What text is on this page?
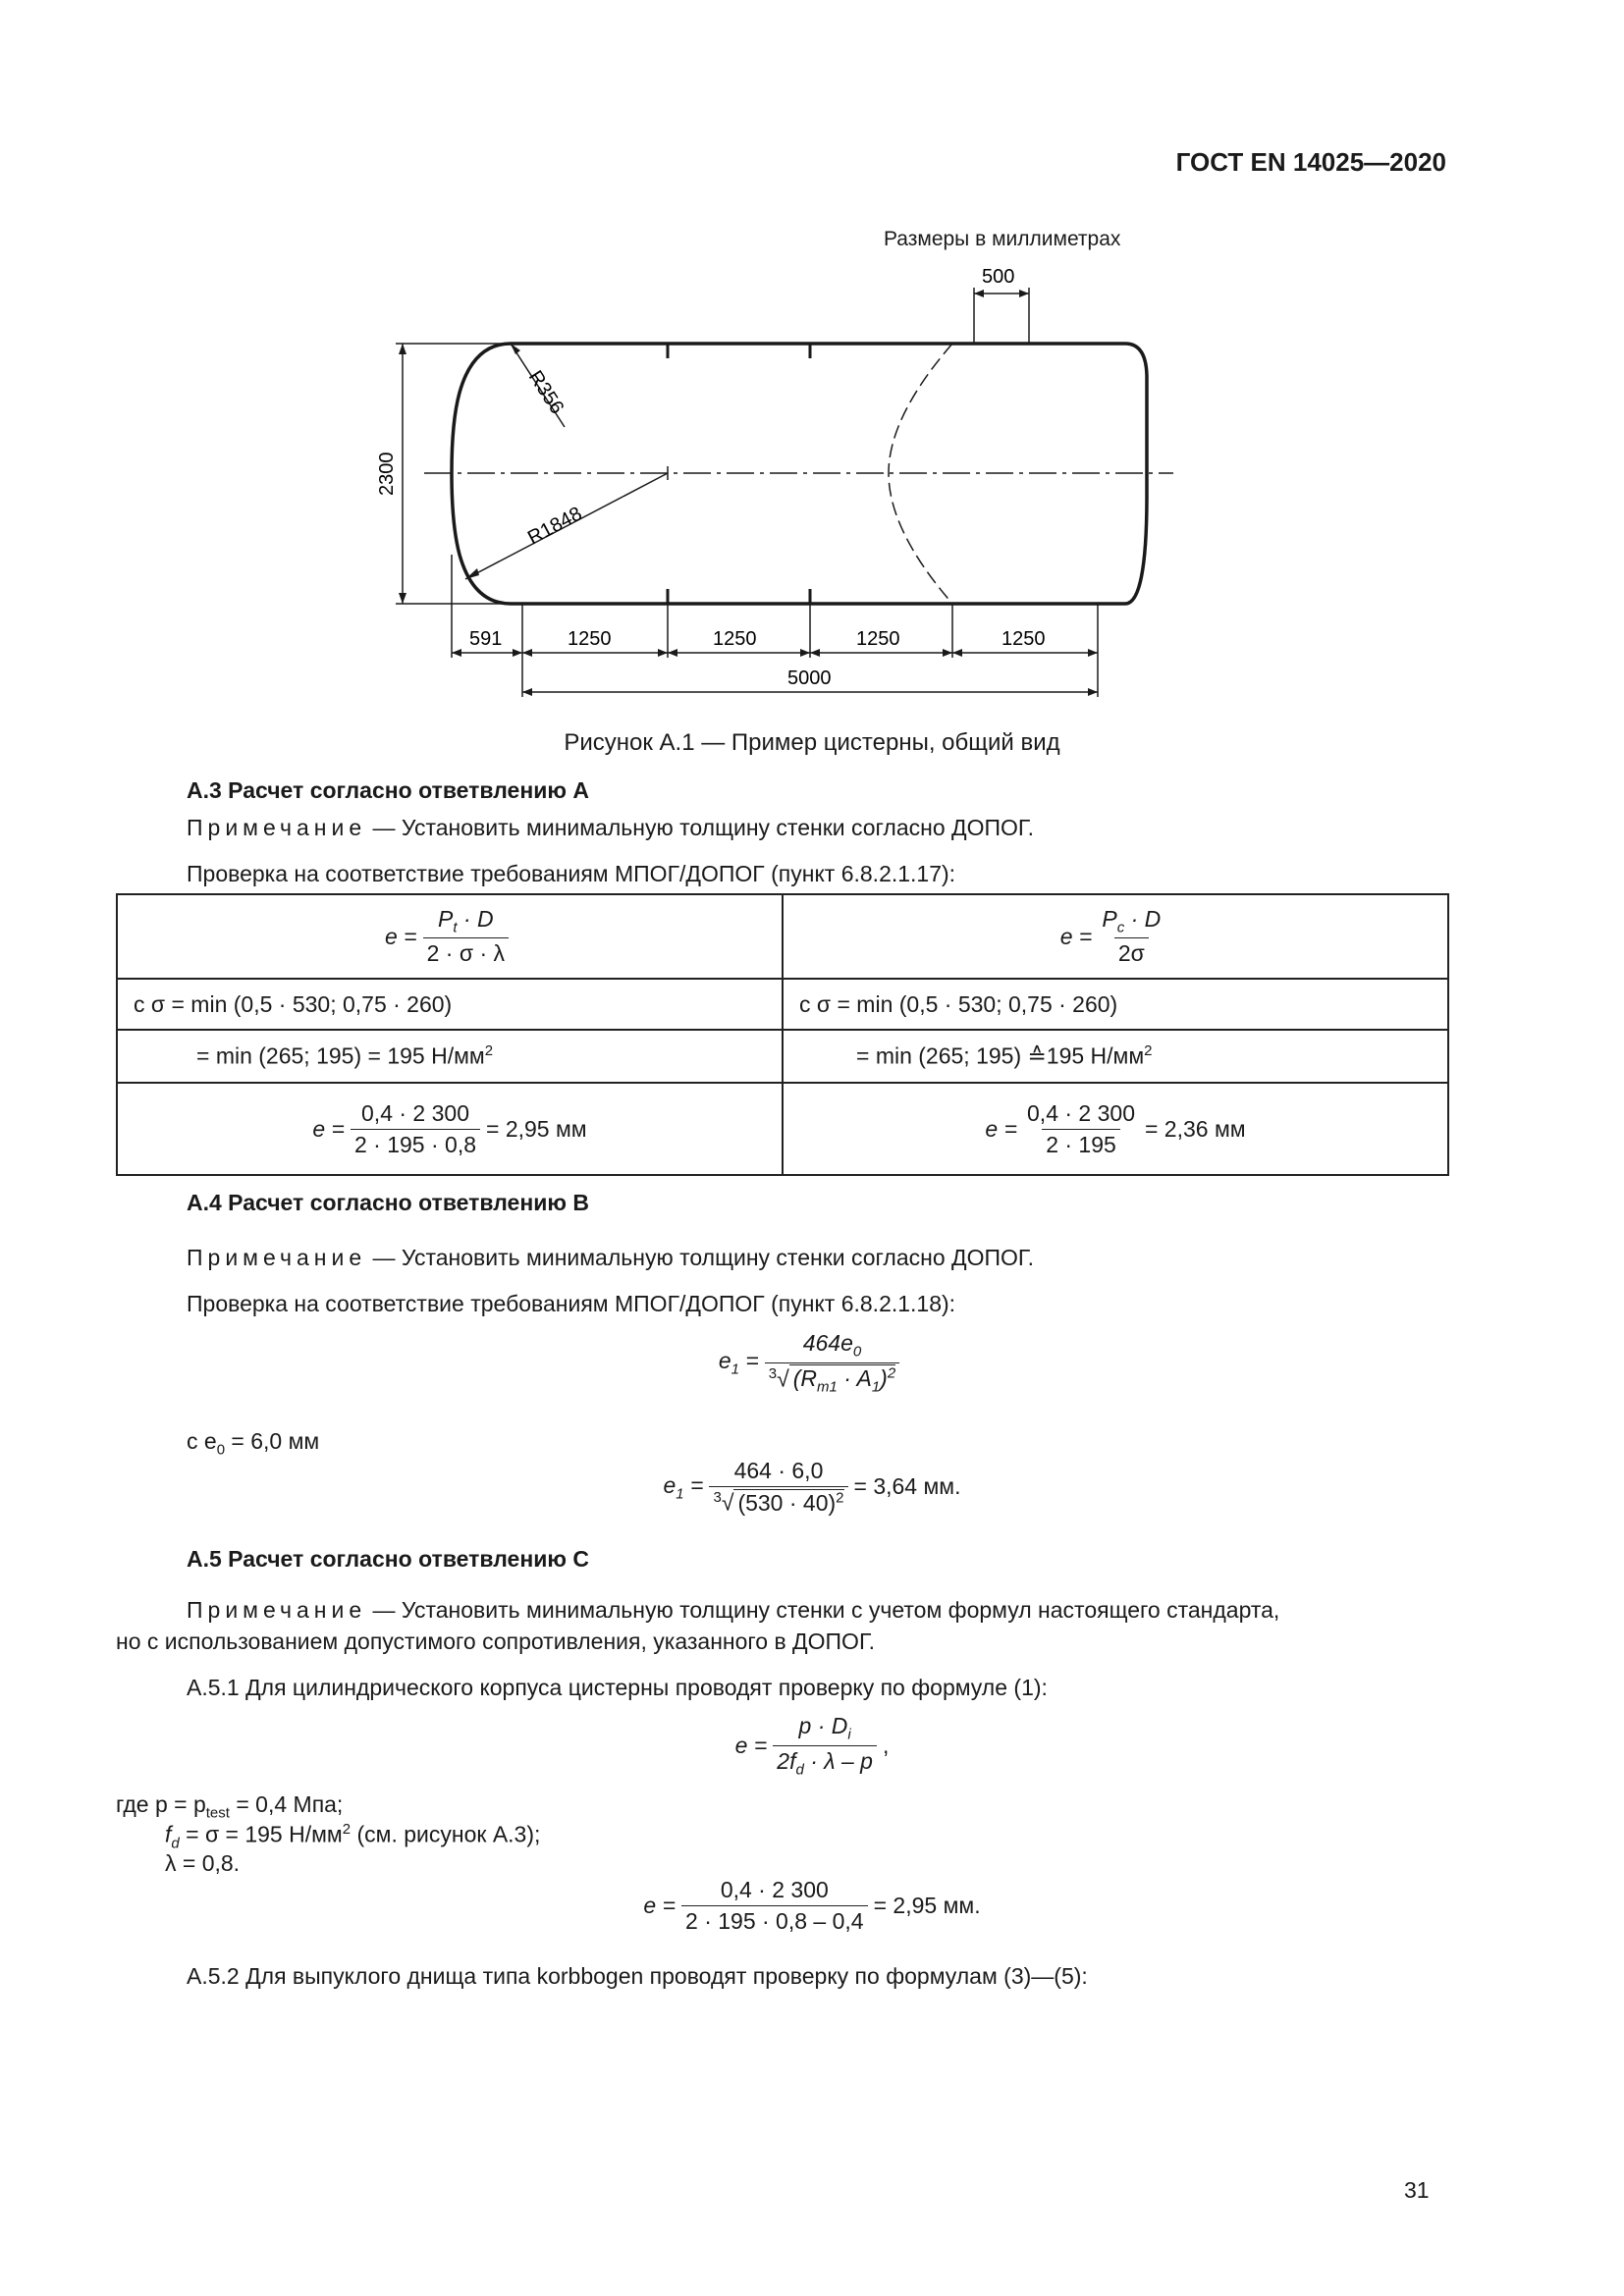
ГОСТ EN 14025—2020
Размеры в миллиметрах
R356
R1848
500
2300
591	1250	1250	1250	1250
5000
Рисунок А.1 — Пример цистерны, общий вид
А.3 Расчет согласно ответвлению А
Примечание — Установить минимальную толщину стенки согласно ДОПОГ.
Проверка на соответствие требованиям МПОГ/ДОПОГ (пункт 6.8.2.1.17):
$e = \frac{P_t \cdot D}{2 \cdot \sigma \cdot \lambda}$	$e = \frac{P_c \cdot D}{2\sigma}$

с σ = min (0,5 · 530; 0,75 · 260)	с σ = min (0,5 · 530; 0,75 · 260)
= min (265; 195) = 195 $Н/мм^2$	= min (265; 195) ≙195 $Н/мм^2$

$e = \frac{0,4 \cdot 2 300}{2 \cdot 195 \cdot 0,8} = 2,95$ мм	$e = \frac{0,4 \cdot 2 300}{2 \cdot 195} = 2,36$ мм
А.4 Расчет согласно ответвлению В
Примечание — Установить минимальную толщину стенки согласно ДОПОГ.
Проверка на соответствие требованиям МПОГ/ДОПОГ (пункт 6.8.2.1.18):
$e_1 = \frac{464e_0}{^3√ (R_{m1} \cdot A_1)^2}$
с $e_0 = 6,0$ мм
$e_1 = \frac{464 \cdot 6,0}{^3√ (530 \cdot 40)^2} = 3,64$ мм.
А.5 Расчет согласно ответвлению С
Примечание — Установить минимальную толщину стенки с учетом формул настоящего стандарта,
но с использованием допустимого сопротивления, указанного в ДОПОГ.
А.5.1 Для цилиндрического корпуса цистерны проводят проверку по формуле (1):
$e = \frac{p \cdot D_i}{2f_d \cdot \lambda - p}$ ,
где $p = p_{test} = 0,4$ Мпа;
$f_d = \sigma = 195$ $Н/мм^2$ (см. рисунок А.3);
λ = 0,8.
$e = \frac{0,4 \cdot 2 300}{2 \cdot 195 \cdot 0,8 - 0,4} = 2,95$ мм.
А.5.2 Для выпуклого днища типа korbbogen проводят проверку по формулам (3)—(5):
31
